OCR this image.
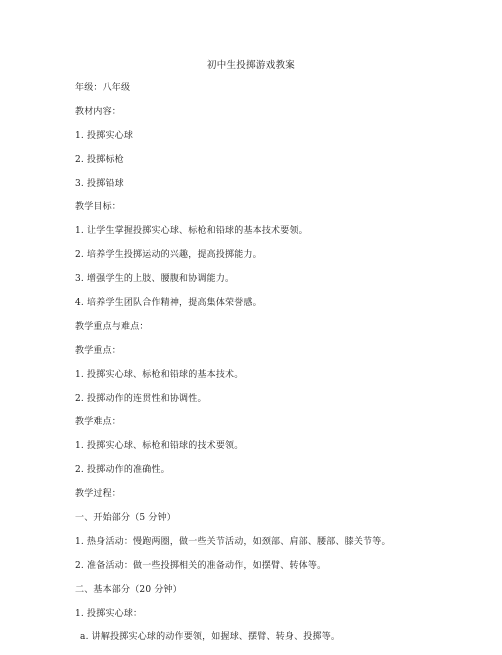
初中生投掷游戏教案
年级：八年级
教材内容：
1. 投掷实心球
2. 投掷标枪
3. 投掷铅球
教学目标：
1. 让学生掌握投掷实心球、标枪和铅球的基本技术要领。
2. 培养学生投掷运动的兴趣，提高投掷能力。
3. 增强学生的上肢、腰腹和协调能力。
4. 培养学生团队合作精神，提高集体荣誉感。
教学重点与难点：
教学重点：
1. 投掷实心球、标枪和铅球的基本技术。
2. 投掷动作的连贯性和协调性。
教学难点：
1. 投掷实心球、标枪和铅球的技术要领。
2. 投掷动作的准确性。
教学过程：
一、开始部分（5 分钟）
1. 热身活动：慢跑两圈，做一些关节活动，如颈部、肩部、腰部、膝关节等。
2. 准备活动：做一些投掷相关的准备动作，如摆臂、转体等。
二、基本部分（20 分钟）
1. 投掷实心球：
a. 讲解投掷实心球的动作要领，如握球、摆臂、转身、投掷等。
